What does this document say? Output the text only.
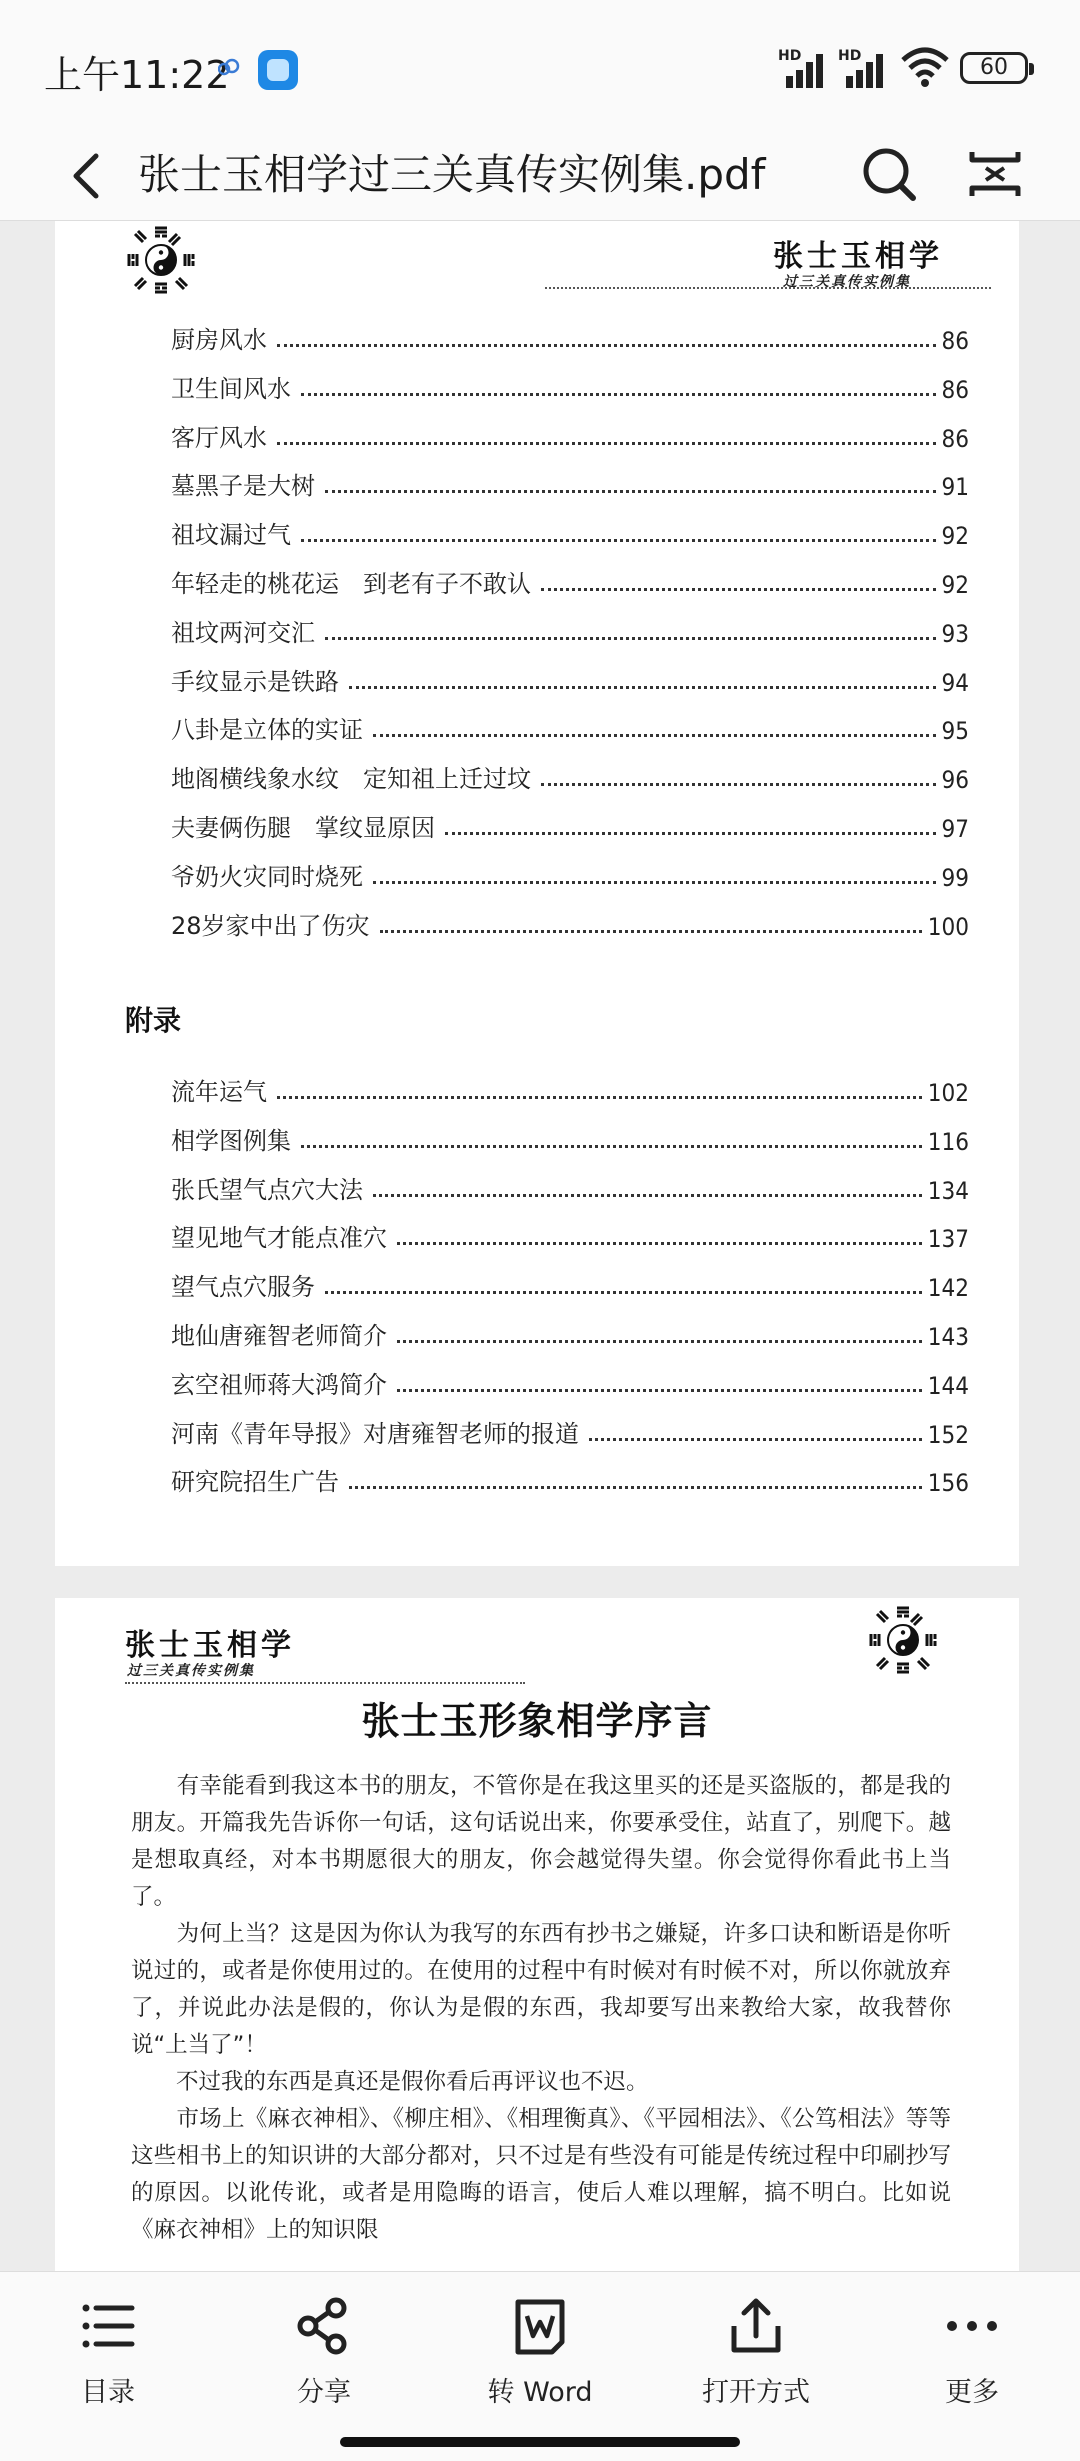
上午11:22	HD	HD	60
张士玉相学过三关真传实例集.pdf
张士玉相学
过三关真传实例集
厨房风水	86
卫生间风水	86
客厅风水	86
墓黑子是大树	91
祖坟漏过气	92
年轻走的桃花运　到老有子不敢认	92
祖坟两河交汇	93
手纹显示是铁路	94
八卦是立体的实证	95
地阁横线象水纹　定知祖上迁过坟	96
夫妻俩伤腿　掌纹显原因	97
爷奶火灾同时烧死	99
28岁家中出了伤灾	100
附录
流年运气	102
相学图例集	116
张氏望气点穴大法	134
望见地气才能点准穴	137
望气点穴服务	142
地仙唐雍智老师简介	143
玄空祖师蒋大鸿简介	144
河南《青年导报》对唐雍智老师的报道	152
研究院招生广告	156
张士玉相学
过三关真传实例集
张士玉形象相学序言
　　有幸能看到我这本书的朋友，不管你是在我这里买的还是买盗版的，都是我的朋友。开篇我先告诉你一句话，这句话说出来，你要承受住，站直了，别爬下。越是想取真经，对本书期愿很大的朋友，你会越觉得失望。你会觉得你看此书上当了。
　　为何上当？这是因为你认为我写的东西有抄书之嫌疑，许多口诀和断语是你听说过的，或者是你使用过的。在使用的过程中有时候对有时候不对，所以你就放弃了，并说此办法是假的，你认为是假的东西，我却要写出来教给大家，故我替你说“上当了”！
　　不过我的东西是真还是假你看后再评议也不迟。
　　市场上《麻衣神相》、《柳庄相》、《相理衡真》、《平园相法》、《公笃相法》等等这些相书上的知识讲的大部分都对，只不过是有些没有可能是传统过程中印刷抄写的原因。以讹传讹，或者是用隐晦的语言，使后人难以理解，搞不明白。比如说《麻衣神相》上的知识限
目录	分享	转 Word	打开方式	更多
